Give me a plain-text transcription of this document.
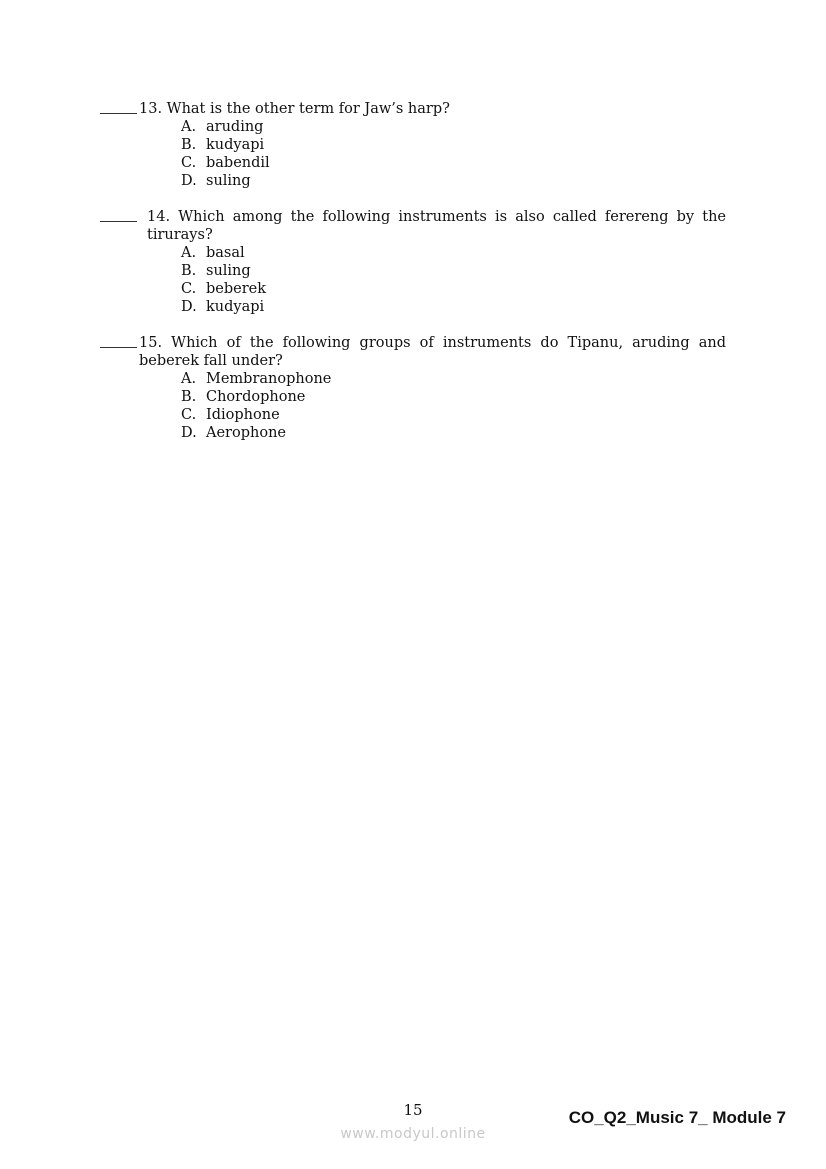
13. What is the other term for Jaw’s harp?
A. aruding
B. kudyapi
C. babendil
D. suling
14. Which among the following instruments is also called ferereng by the tirurays?
A. basal
B. suling
C. beberek
D. kudyapi
15. Which of the following groups of instruments do Tipanu, aruding and beberek fall under?
A. Membranophone
B. Chordophone
C. Idiophone
D. Aerophone
15	CO_Q2_Music 7_ Module 7
www.modyul.online
